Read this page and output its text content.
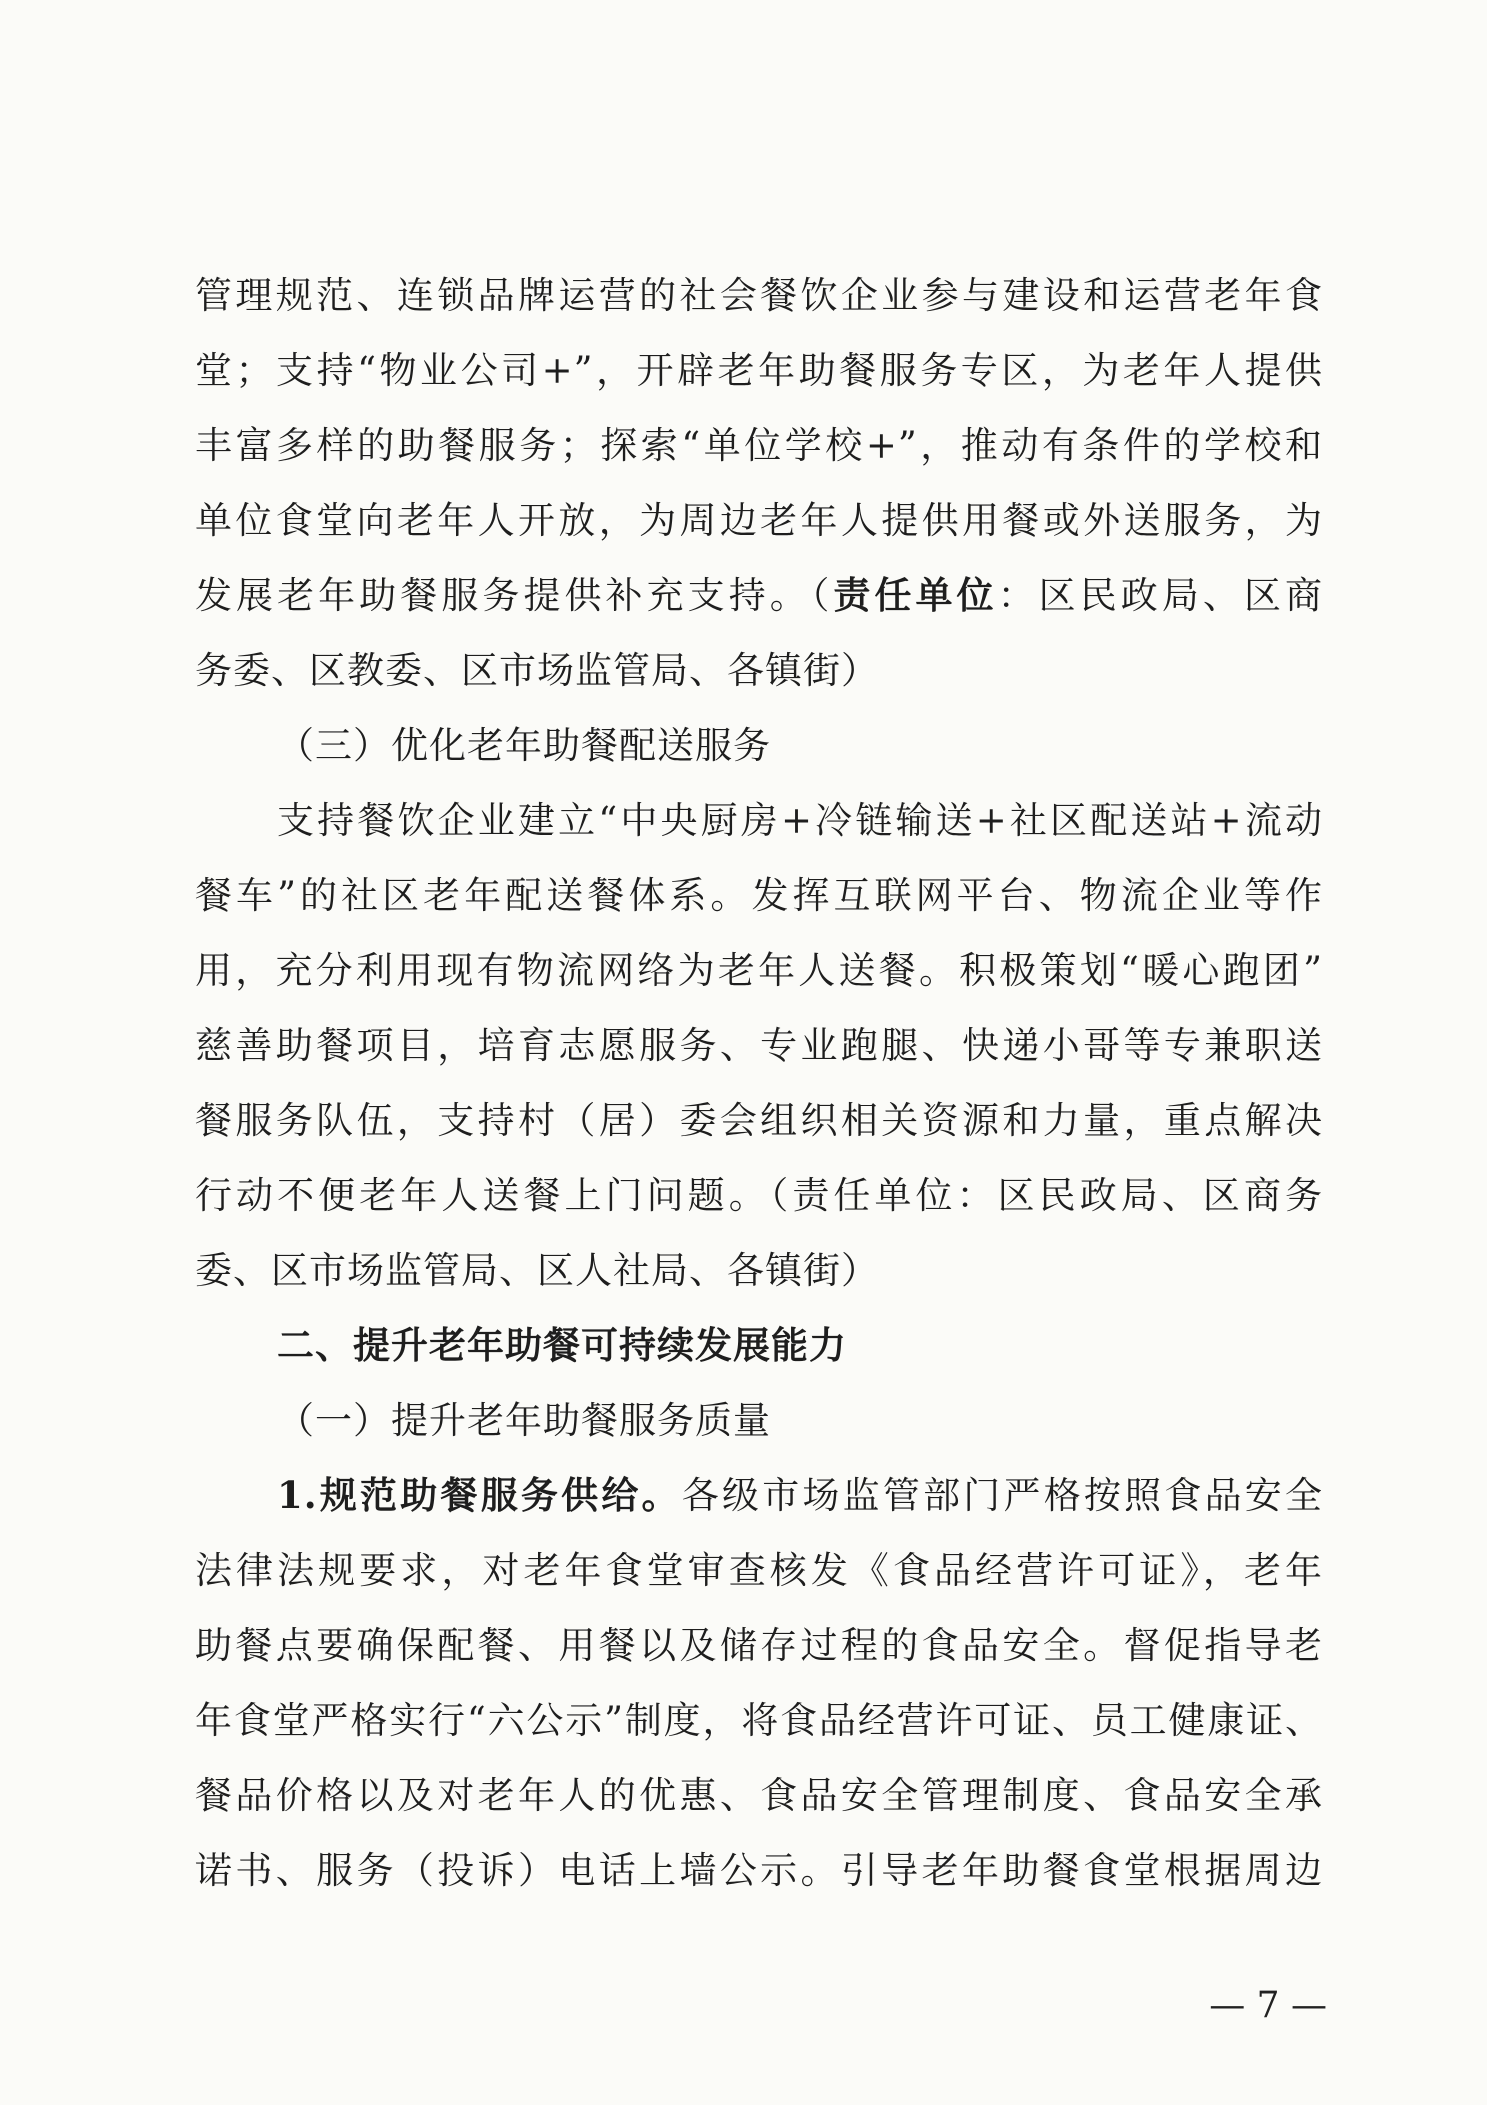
管理规范、连锁品牌运营的社会餐饮企业参与建设和运营老年食
堂；支持“物业公司+”，开辟老年助餐服务专区，为老年人提供
丰富多样的助餐服务；探索“单位学校+”，推动有条件的学校和
单位食堂向老年人开放，为周边老年人提供用餐或外送服务，为
发展老年助餐服务提供补充支持。（责任单位：区民政局、区商
务委、区教委、区市场监管局、各镇街）
（三）优化老年助餐配送服务
支持餐饮企业建立“中央厨房+冷链输送+社区配送站+流动
餐车”的社区老年配送餐体系。发挥互联网平台、物流企业等作
用，充分利用现有物流网络为老年人送餐。积极策划“暖心跑团”
慈善助餐项目，培育志愿服务、专业跑腿、快递小哥等专兼职送
餐服务队伍，支持村（居）委会组织相关资源和力量，重点解决
行动不便老年人送餐上门问题。（责任单位：区民政局、区商务
委、区市场监管局、区人社局、各镇街）
二、提升老年助餐可持续发展能力
（一）提升老年助餐服务质量
1.规范助餐服务供给。各级市场监管部门严格按照食品安全
法律法规要求，对老年食堂审查核发《食品经营许可证》，老年
助餐点要确保配餐、用餐以及储存过程的食品安全。督促指导老
年食堂严格实行“六公示”制度，将食品经营许可证、员工健康证、
餐品价格以及对老年人的优惠、食品安全管理制度、食品安全承
诺书、服务（投诉）电话上墙公示。引导老年助餐食堂根据周边
— 7 —
